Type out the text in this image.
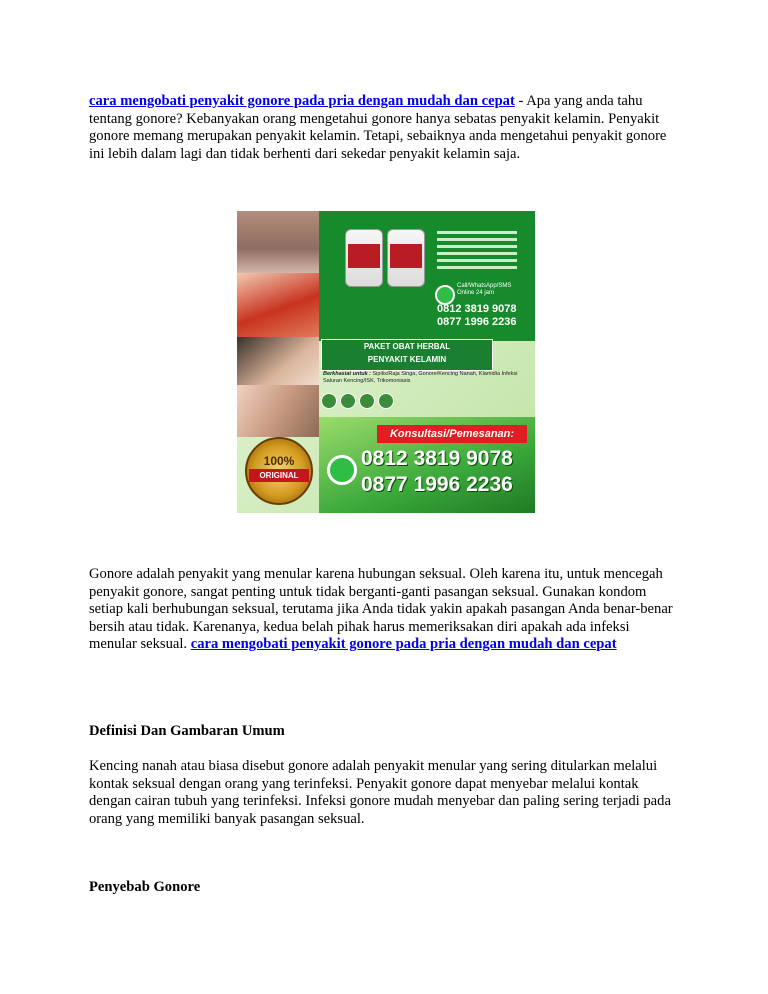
cara mengobati penyakit gonore pada pria dengan mudah dan cepat - Apa yang anda tahu tentang gonore? Kebanyakan orang mengetahui gonore hanya sebatas penyakit kelamin. Penyakit gonore memang merupakan penyakit kelamin. Tetapi, sebaiknya anda mengetahui penyakit gonore ini lebih dalam lagi dan tidak berhenti dari sekedar penyakit kelamin saja.

Call/WhatsApp/SMS Online 24 jam
0812 3819 9078
0877 1996 2236
PAKET OBAT HERBAL
PENYAKIT KELAMIN
Berkhasiat untuk : Sipilis/Raja Singa, Gonore/Kencing Nanah, Klamidia Infeksi Saluran Kencing/ISK, Trikomoniasis
100%
ORIGINAL
Konsultasi/Pemesanan:
0812 3819 9078
0877 1996 2236

Gonore adalah penyakit yang menular karena hubungan seksual. Oleh karena itu, untuk mencegah penyakit gonore, sangat penting untuk tidak berganti-ganti pasangan seksual. Gunakan kondom setiap kali berhubungan seksual, terutama jika Anda tidak yakin apakah pasangan Anda benar-benar bersih atau tidak. Karenanya, kedua belah pihak harus memeriksakan diri apakah ada infeksi menular seksual. cara mengobati penyakit gonore pada pria dengan mudah dan cepat

Definisi Dan Gambaran Umum

Kencing nanah atau biasa disebut gonore adalah penyakit menular yang sering ditularkan melalui kontak seksual dengan orang yang terinfeksi. Penyakit gonore dapat menyebar melalui kontak dengan cairan tubuh yang terinfeksi. Infeksi gonore mudah menyebar dan paling sering terjadi pada orang yang memiliki banyak pasangan seksual.

Penyebab Gonore
